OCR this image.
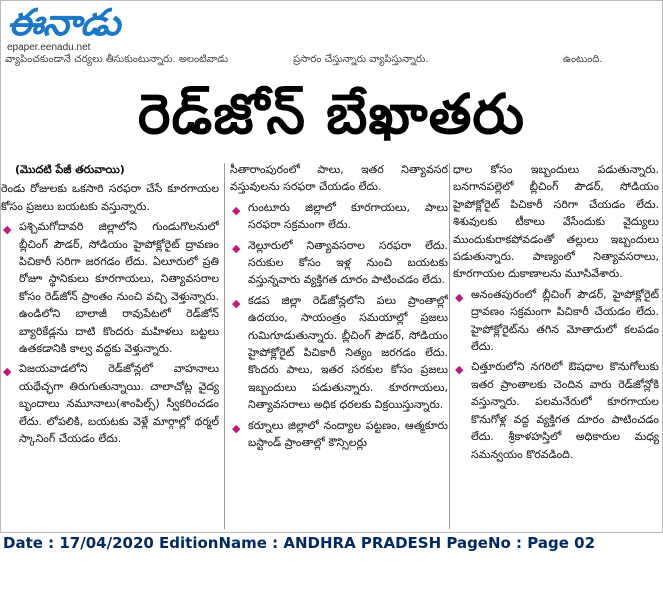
ఈనాడు
epaper.eenadu.net
వ్యాపించకుండానే చర్యలు తీసుకుంటున్నారు. అలంటివాడు	ప్రసారం చేస్తున్నారు వ్యాపిస్తున్నారు.	ఉంటుంది.
రెడ్‌జోన్ బేఖాతరు
(మొదటి పేజీ తరువాయి)

రెండు రోజులకు ఒకసారి సరఫరా చేసే కూరగాయల కోసం ప్రజలు బయటకు వస్తున్నారు.

◆ పశ్చిమగోదావరి జిల్లాలోని గుండుగొలనులో బ్లీచింగ్ పౌడర్, సోడియం హైపోక్లోరైట్ ద్రావణం పిచికారీ సరిగా జరగడం లేదు. ఏలూరులో ప్రతి రోజూ స్థానికులు కూరగాయలు, నిత్యావసరాల కోసం రెడ్‌జోన్ ప్రాంతం నుంచి వచ్చి వెళ్తున్నారు. ఉండిలోని బాలాజీ రావుపేటలో రెడ్‌జోన్ బ్యారికేడ్లను దాటి కొందరు మహిళలు బట్టలు ఉతకడానికి కాల్వ వద్దకు వెళ్తున్నారు.

◆ విజయవాడలోని రెడ్‌జోన్లలో వాహనాలు యథేచ్ఛగా తిరుగుతున్నాయి. చాలాచోట్ల వైద్య బృందాలు నమూనాలు(శాంపిల్స్) స్వీకరించడం లేదు. లోపలికి, బయటకు వెళ్లే మార్గాల్లో థర్మల్ స్కానింగ్ చేయడం లేదు.

సీతారాంపురంలో పాలు, ఇతర నిత్యావసర వస్తువులను సరఫరా చేయడం లేదు.

◆ గుంటూరు జిల్లాలో కూరగాయలు, పాలు సరఫరా సక్రమంగా లేదు.

◆ నెల్లూరులో నిత్యావసరాల సరఫరా లేదు. సరుకుల కోసం ఇళ్ల నుంచి బయటకు వస్తున్నవారు వ్యక్తిగత దూరం పాటించడం లేదు.

◆ కడప జిల్లా రెడ్‌జోన్లలోని పలు ప్రాంతాల్లో ఉదయం, సాయంత్రం సమయాల్లో ప్రజలు గుమిగూడుతున్నారు. బ్లీచింగ్ పౌడర్, సోడియం హైపోక్లోరైట్ పిచికారీ నిత్యం జరగడం లేదు. కొందరు పాలు, ఇతర సరకుల కోసం ప్రజలు ఇబ్బందులు పడుతున్నారు. కూరగాయలు, నిత్యావసరాలు అధిక ధరలకు విక్రయిస్తున్నారు.

◆ కర్నూలు జిల్లాలో నంద్యాల పట్టణం, ఆత్మకూరు బస్టాండ్ ప్రాంతాల్లో కౌన్సిలర్లు

ధాల కోసం ఇబ్బందులు పడుతున్నారు. బనగానపల్లెలో బ్లీచింగ్ పౌడర్, సోడియం హైపోక్లోరైట్ పిచికారీ సరిగా చేయడం లేదు. శిశువులకు టీకాలు వేసేందుకు వైద్యులు ముందుకురాకపోవడంతో తల్లులు ఇబ్బందులు పడుతున్నారు. పాణ్యంలో నిత్యావసరాలు, కూరగాయల దుకాణాలను మూసివేశారు.

◆ అనంతపురంలో బ్లీచింగ్ పౌడర్, హైపోక్లోరైట్ ద్రావణం సక్రమంగా పిచికారీ చేయడం లేదు. హైపోక్లోరైట్‌ను తగిన మోతాదులో కలపడం లేదు.

◆ చిత్తూరులోని నగరిలో ఔషధాల కొనుగోలుకు ఇతర ప్రాంతాలకు చెందిన వారు రెడ్‌జోన్లోకి వస్తున్నారు. పలమనేరులో కూరగాయల కొనుగోళ్ల వద్ద వ్యక్తిగత దూరం పాటించడం లేదు. శ్రీకాళహస్తిలో అధికారుల మధ్య సమన్వయం కొరవడింది.

Date : 17/04/2020 EditionName : ANDHRA PRADESH PageNo : Page 02
